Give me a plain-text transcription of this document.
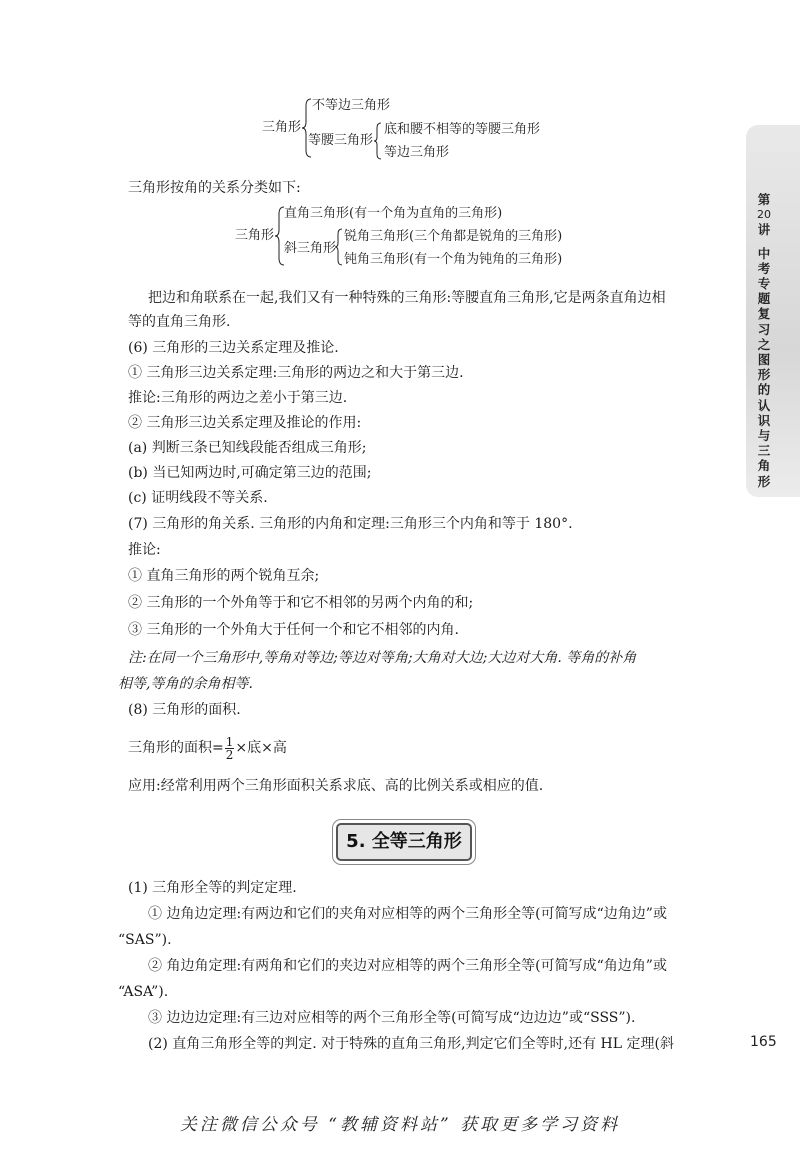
第
20
讲
中
考
专
题
复
习
之
图
形
的
认
识
与
三
角
形
三角形
不等边三角形
等腰三角形
底和腰不相等的等腰三角形
等边三角形
三角形按角的关系分类如下:
三角形
直角三角形(有一个角为直角的三角形)
斜三角形
锐角三角形(三个角都是锐角的三角形)
钝角三角形(有一个角为钝角的三角形)
把边和角联系在一起,我们又有一种特殊的三角形:等腰直角三角形,它是两条直角边相
等的直角三角形.
(6) 三角形的三边关系定理及推论.
① 三角形三边关系定理:三角形的两边之和大于第三边.
推论:三角形的两边之差小于第三边.
② 三角形三边关系定理及推论的作用:
(a) 判断三条已知线段能否组成三角形;
(b) 当已知两边时,可确定第三边的范围;
(c) 证明线段不等关系.
(7) 三角形的角关系. 三角形的内角和定理:三角形三个内角和等于 180°.
推论:
① 直角三角形的两个锐角互余;
② 三角形的一个外角等于和它不相邻的另两个内角的和;
③ 三角形的一个外角大于任何一个和它不相邻的内角.
注:在同一个三角形中,等角对等边;等边对等角;大角对大边;大边对大角. 等角的补角
相等,等角的余角相等.
(8) 三角形的面积.
三角形的面积= $\frac{1}{2}$ ×底×高
应用:经常利用两个三角形面积关系求底、高的比例关系或相应的值.
5. 全等三角形
(1) 三角形全等的判定定理.
① 边角边定理:有两边和它们的夹角对应相等的两个三角形全等(可简写成“边角边”或
“SAS”).
② 角边角定理:有两角和它们的夹边对应相等的两个三角形全等(可简写成“角边角”或
“ASA”).
③ 边边边定理:有三边对应相等的两个三角形全等(可简写成“边边边”或“SSS”).
(2) 直角三角形全等的判定. 对于特殊的直角三角形,判定它们全等时,还有 HL 定理(斜	165
关注微信公众号 “教辅资料站” 获取更多学习资料
